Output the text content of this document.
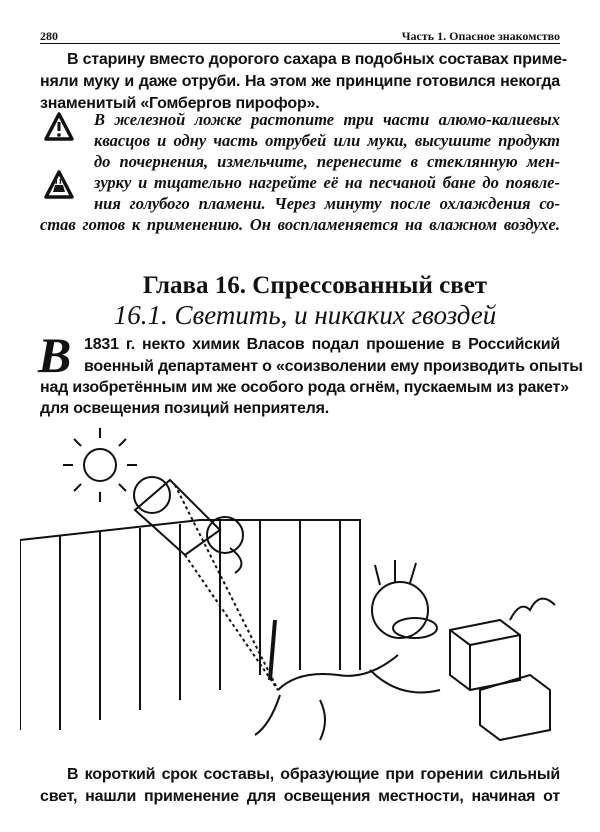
280	Часть 1. Опасное знакомство
В старину вместо дорогого сахара в подобных составах приме-
няли муку и даже отруби. На этом же принципе готовился некогда
знаменитый «Гомбергов пирофор».
В железной ложке растопите три части алюмо-калиевых
квасцов и одну часть отрубей или муки, высушите продукт
до почернения, измельчите, перенесите в стеклянную мен-
зурку и тщательно нагрейте её на песчаной бане до появле-
ния голубого пламени. Через минуту после охлаждения со-
став готов к применению. Он воспламеняется на влажном воздухе.
Глава 16. Спрессованный свет
16.1. Светить, и никаких гвоздей
В 1831 г. некто химик Власов подал прошение в Российский
военный департамент о «соизволении ему производить опыты
над изобретённым им же особого рода огнём, пускаемым из ракет»
для освещения позиций неприятеля.
В короткий срок составы, образующие при горении сильный
свет, нашли применение для освещения местности, начиная от
